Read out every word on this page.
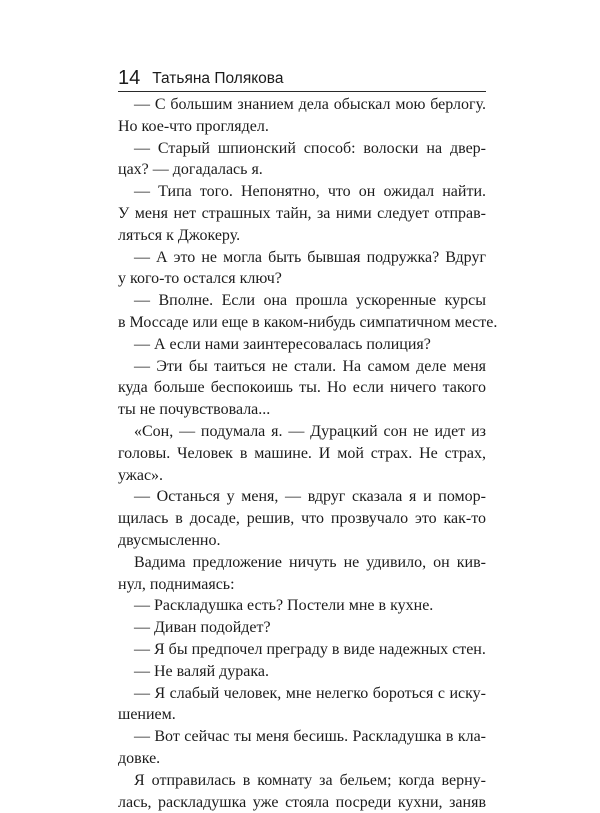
14 Татьяна Полякова
— С большим знанием дела обыскал мою берлогу.
Но кое-что проглядел.
— Старый шпионский способ: волоски на двер-
цах? — догадалась я.
— Типа того. Непонятно, что он ожидал найти.
У меня нет страшных тайн, за ними следует отправ-
ляться к Джокеру.
— А это не могла быть бывшая подружка? Вдруг
у кого-то остался ключ?
— Вполне. Если она прошла ускоренные курсы
в Моссаде или еще в каком-нибудь симпатичном месте.
— А если нами заинтересовалась полиция?
— Эти бы таиться не стали. На самом деле меня
куда больше беспокоишь ты. Но если ничего такого
ты не почувствовала...
«Сон, — подумала я. — Дурацкий сон не идет из
головы. Человек в машине. И мой страх. Не страх,
ужас».
— Останься у меня, — вдруг сказала я и помор-
щилась в досаде, решив, что прозвучало это как-то
двусмысленно.
Вадима предложение ничуть не удивило, он кив-
нул, поднимаясь:
— Раскладушка есть? Постели мне в кухне.
— Диван подойдет?
— Я бы предпочел преграду в виде надежных стен.
— Не валяй дурака.
— Я слабый человек, мне нелегко бороться с иску-
шением.
— Вот сейчас ты меня бесишь. Раскладушка в кла-
довке.
Я отправилась в комнату за бельем; когда верну-
лась, раскладушка уже стояла посреди кухни, заняв
